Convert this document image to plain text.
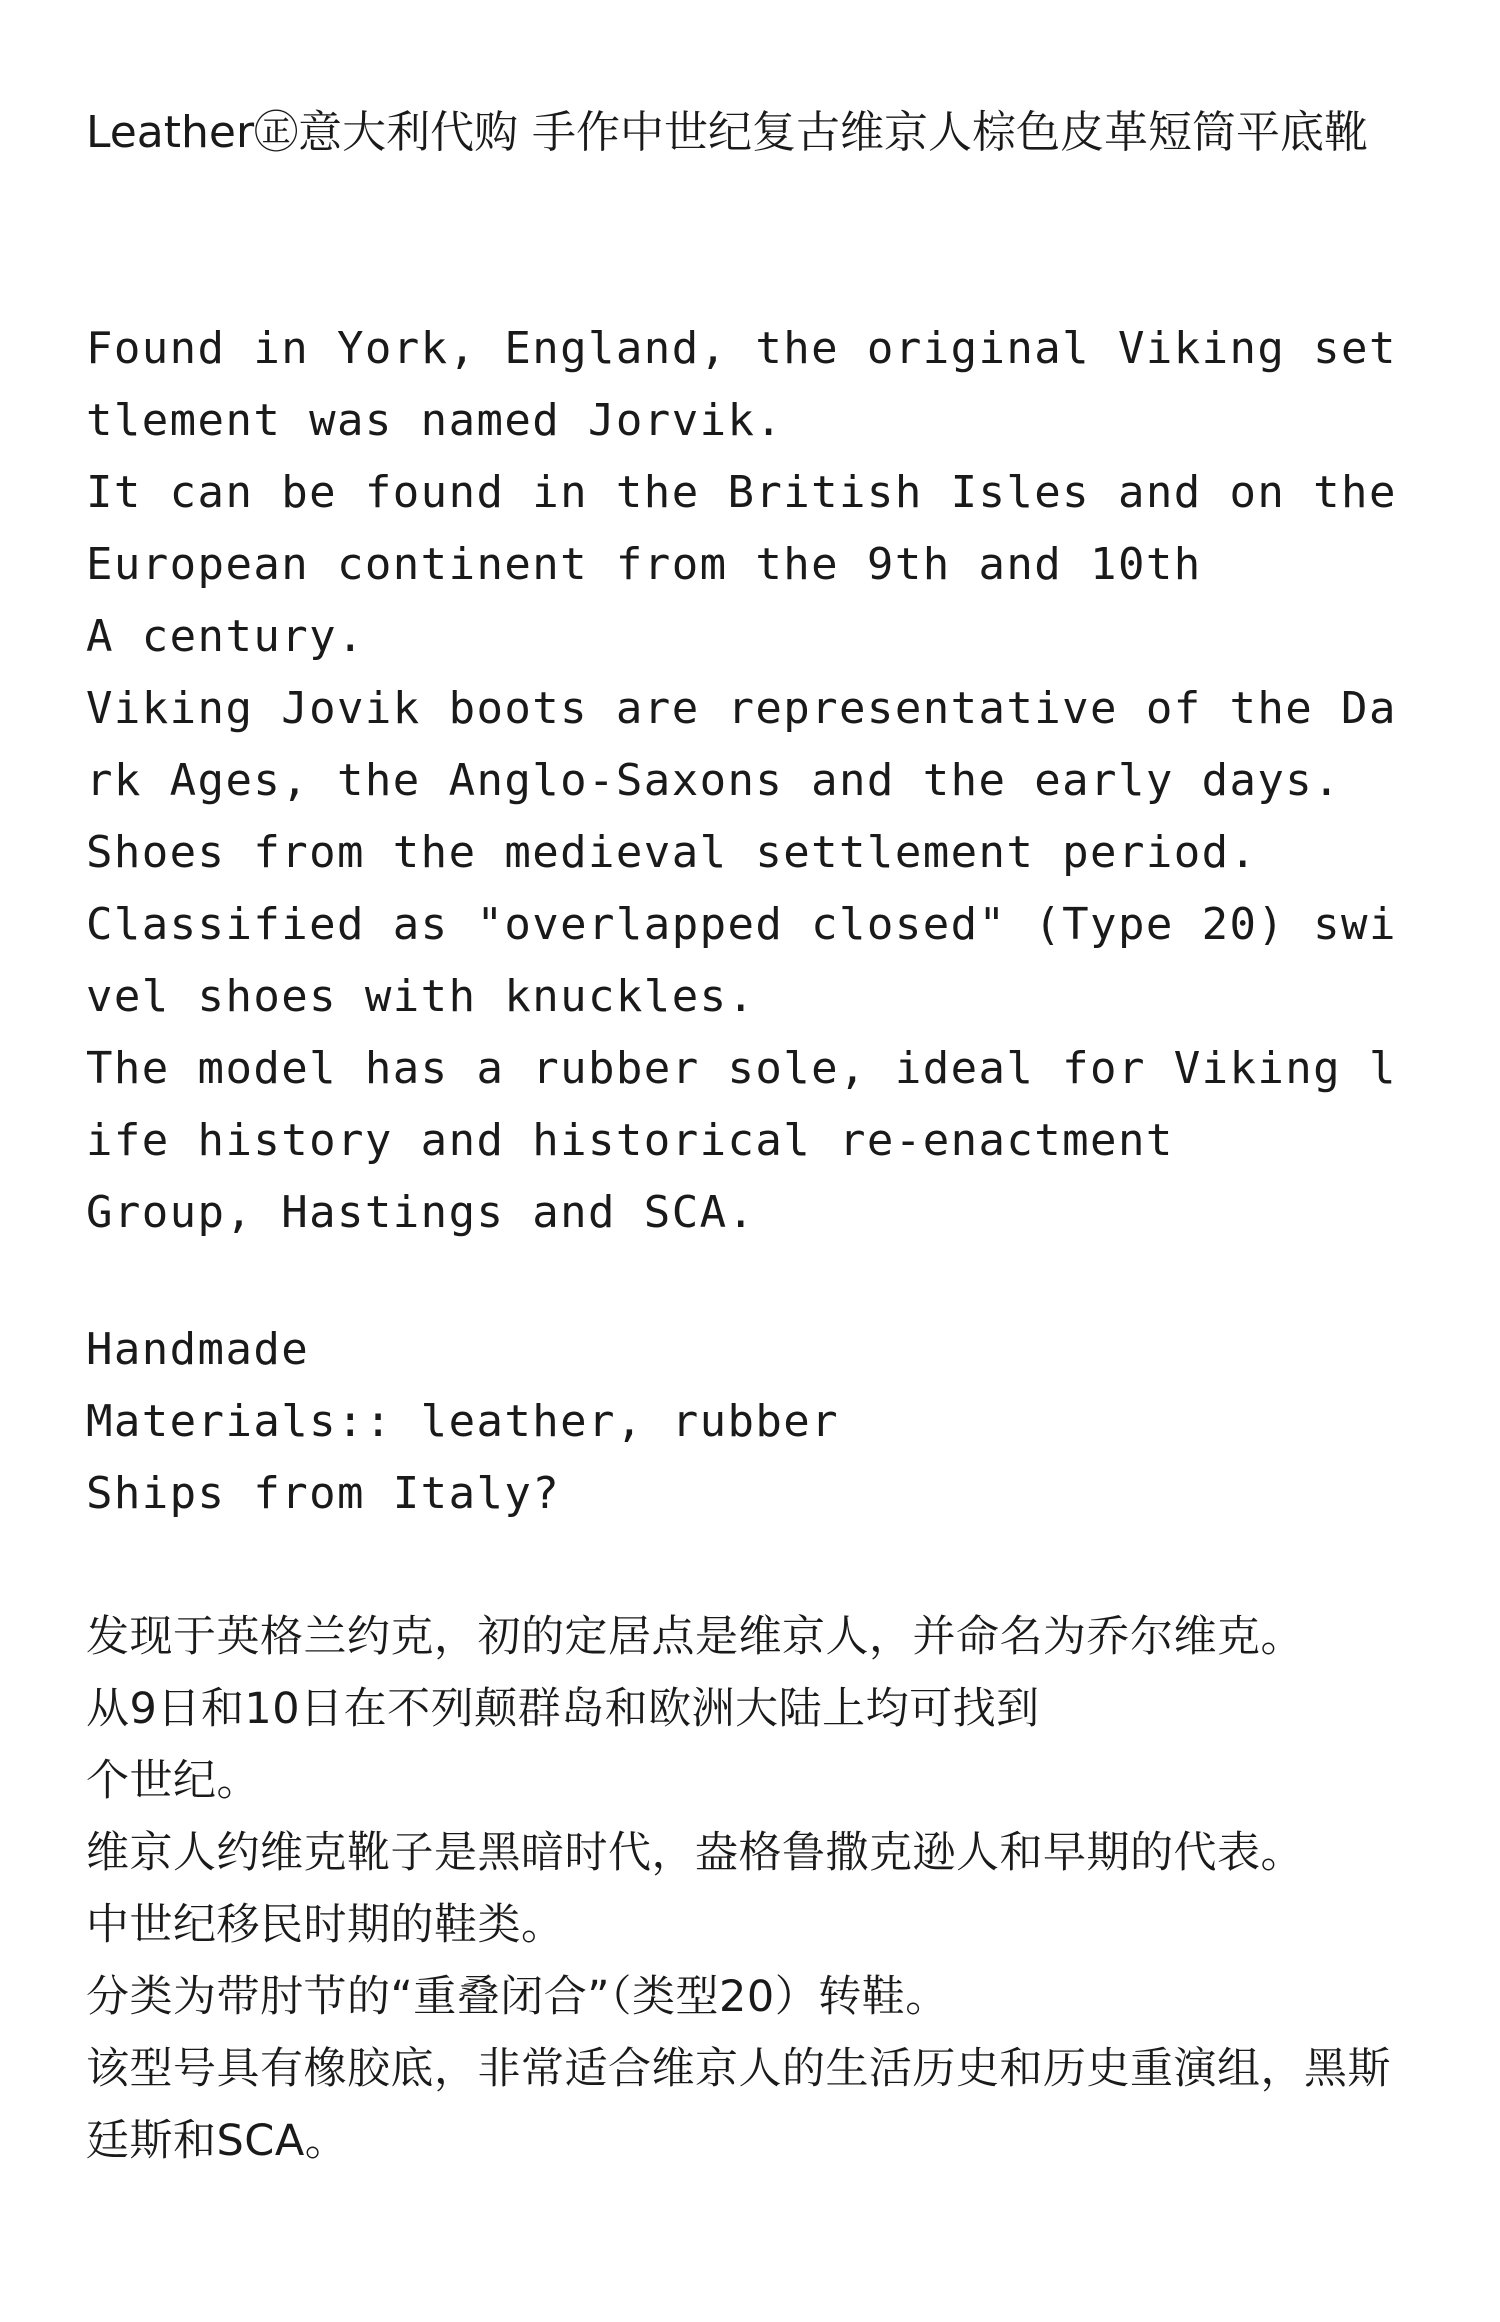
Leather㊣意大利代购 手作中世纪复古维京人棕色皮革短筒平底靴

Found in York, England, the original Viking settlement was named Jorvik.
It can be found in the British Isles and on the European continent from the 9th and 10th
A century.
Viking Jovik boots are representative of the Dark Ages, the Anglo-Saxons and the early days.
Shoes from the medieval settlement period.
Classified as "overlapped closed" (Type 20) swivel shoes with knuckles.
The model has a rubber sole, ideal for Viking life history and historical re-enactment
Group, Hastings and SCA.

Handmade
Materials:: leather, rubber
Ships from Italy?

发现于英格兰约克，初的定居点是维京人，并命名为乔尔维克。
从9日和10日在不列颠群岛和欧洲大陆上均可找到
个世纪。
维京人约维克靴子是黑暗时代，盎格鲁撒克逊人和早期的代表。
中世纪移民时期的鞋类。
分类为带肘节的“重叠闭合”（类型20）转鞋。
该型号具有橡胶底，非常适合维京人的生活历史和历史重演组，黑斯廷斯和SCA。
